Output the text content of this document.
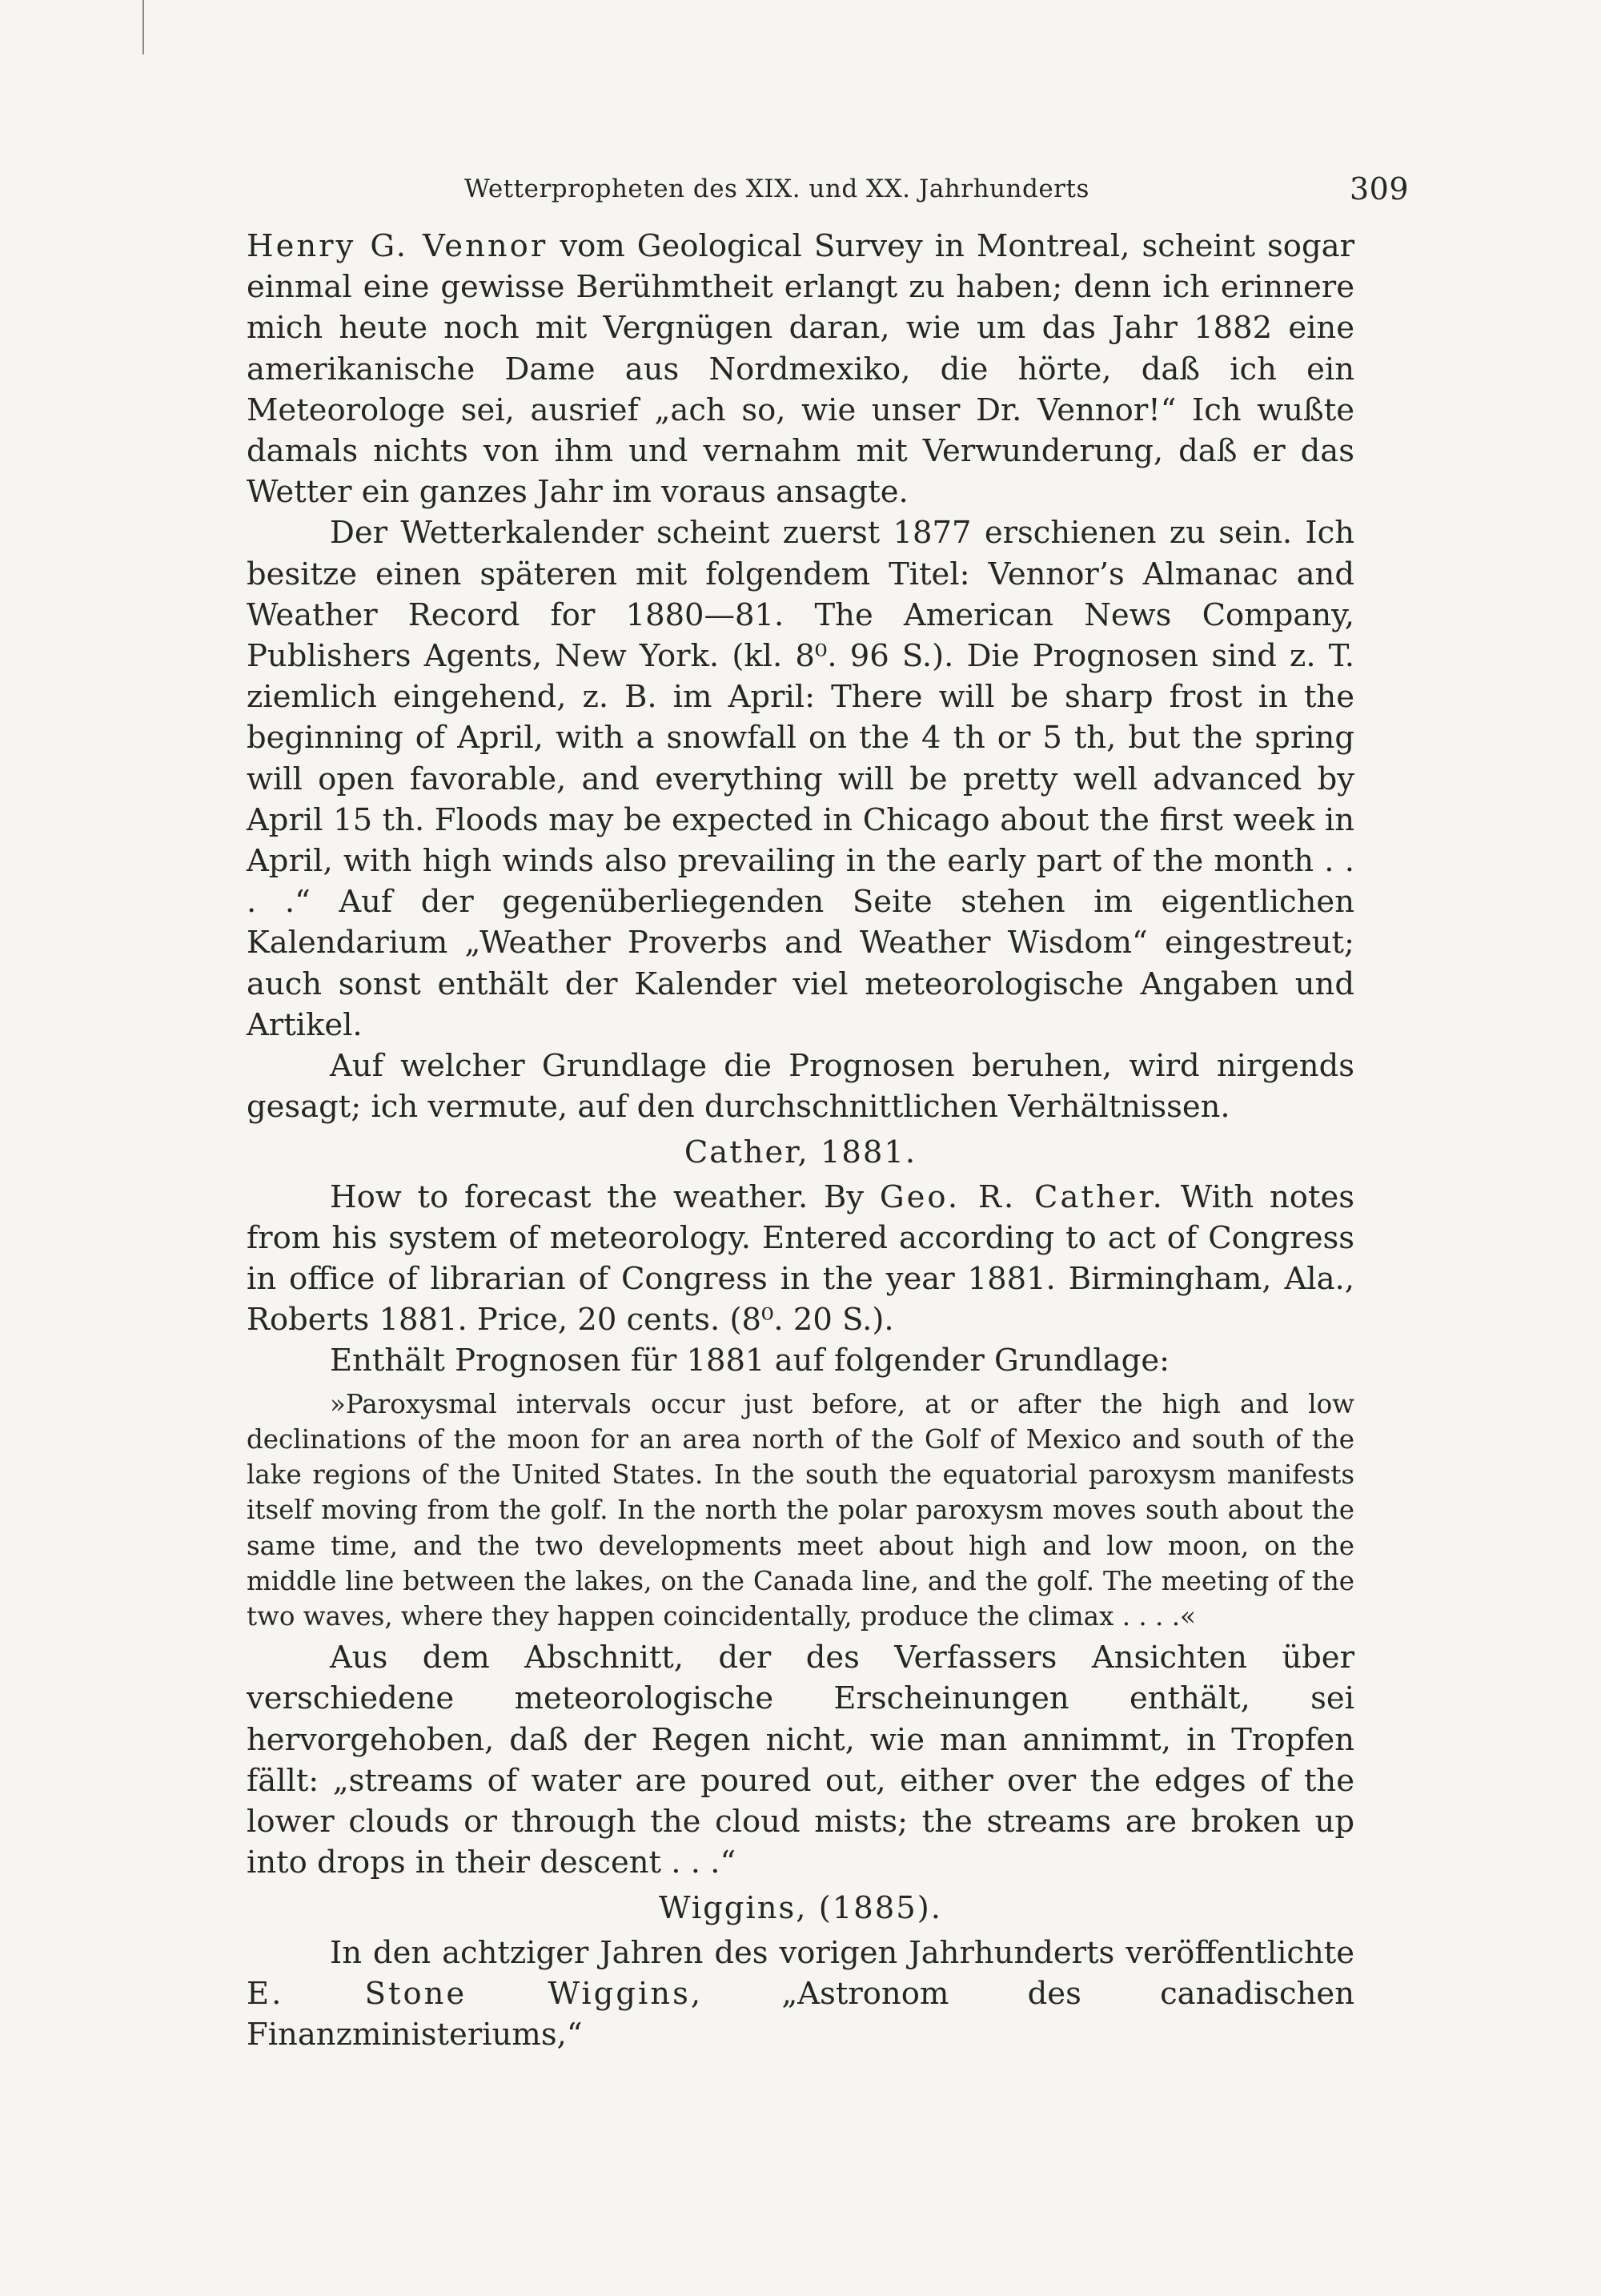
Wetterpropheten des XIX. und XX. Jahrhunderts	309

Henry G. Vennor vom Geological Survey in Montreal, scheint sogar einmal eine gewisse Berühmtheit erlangt zu haben; denn ich erinnere mich heute noch mit Vergnügen daran, wie um das Jahr 1882 eine amerikanische Dame aus Nordmexiko, die hörte, daß ich ein Meteorologe sei, ausrief „ach so, wie unser Dr. Vennor!“ Ich wußte damals nichts von ihm und vernahm mit Verwunderung, daß er das Wetter ein ganzes Jahr im voraus ansagte.

Der Wetterkalender scheint zuerst 1877 erschienen zu sein. Ich besitze einen späteren mit folgendem Titel: Vennor’s Almanac and Weather Record for 1880—81. The American News Company, Publishers Agents, New York. (kl. 8⁰. 96 S.). Die Prognosen sind z. T. ziemlich eingehend, z. B. im April: There will be sharp frost in the beginning of April, with a snowfall on the 4 th or 5 th, but the spring will open favorable, and everything will be pretty well advanced by April 15 th. Floods may be expected in Chicago about the first week in April, with high winds also prevailing in the early part of the month . . . .“ Auf der gegenüberliegenden Seite stehen im eigentlichen Kalendarium „Weather Proverbs and Weather Wisdom“ eingestreut; auch sonst enthält der Kalender viel meteorologische Angaben und Artikel.

Auf welcher Grundlage die Prognosen beruhen, wird nirgends gesagt; ich vermute, auf den durchschnittlichen Verhältnissen.

Cather, 1881.

How to forecast the weather. By Geo. R. Cather. With notes from his system of meteorology. Entered according to act of Congress in office of librarian of Congress in the year 1881. Birmingham, Ala., Roberts 1881. Price, 20 cents. (8⁰. 20 S.).

Enthält Prognosen für 1881 auf folgender Grundlage:

»Paroxysmal intervals occur just before, at or after the high and low declinations of the moon for an area north of the Golf of Mexico and south of the lake regions of the United States. In the south the equatorial paroxysm manifests itself moving from the golf. In the north the polar paroxysm moves south about the same time, and the two developments meet about high and low moon, on the middle line between the lakes, on the Canada line, and the golf. The meeting of the two waves, where they happen coincidentally, produce the climax . . . .«

Aus dem Abschnitt, der des Verfassers Ansichten über verschiedene meteorologische Erscheinungen enthält, sei hervorgehoben, daß der Regen nicht, wie man annimmt, in Tropfen fällt: „streams of water are poured out, either over the edges of the lower clouds or through the cloud mists; the streams are broken up into drops in their descent . . .“

Wiggins, (1885).

In den achtziger Jahren des vorigen Jahrhunderts veröffentlichte E. Stone Wiggins, „Astronom des canadischen Finanzministeriums,“
